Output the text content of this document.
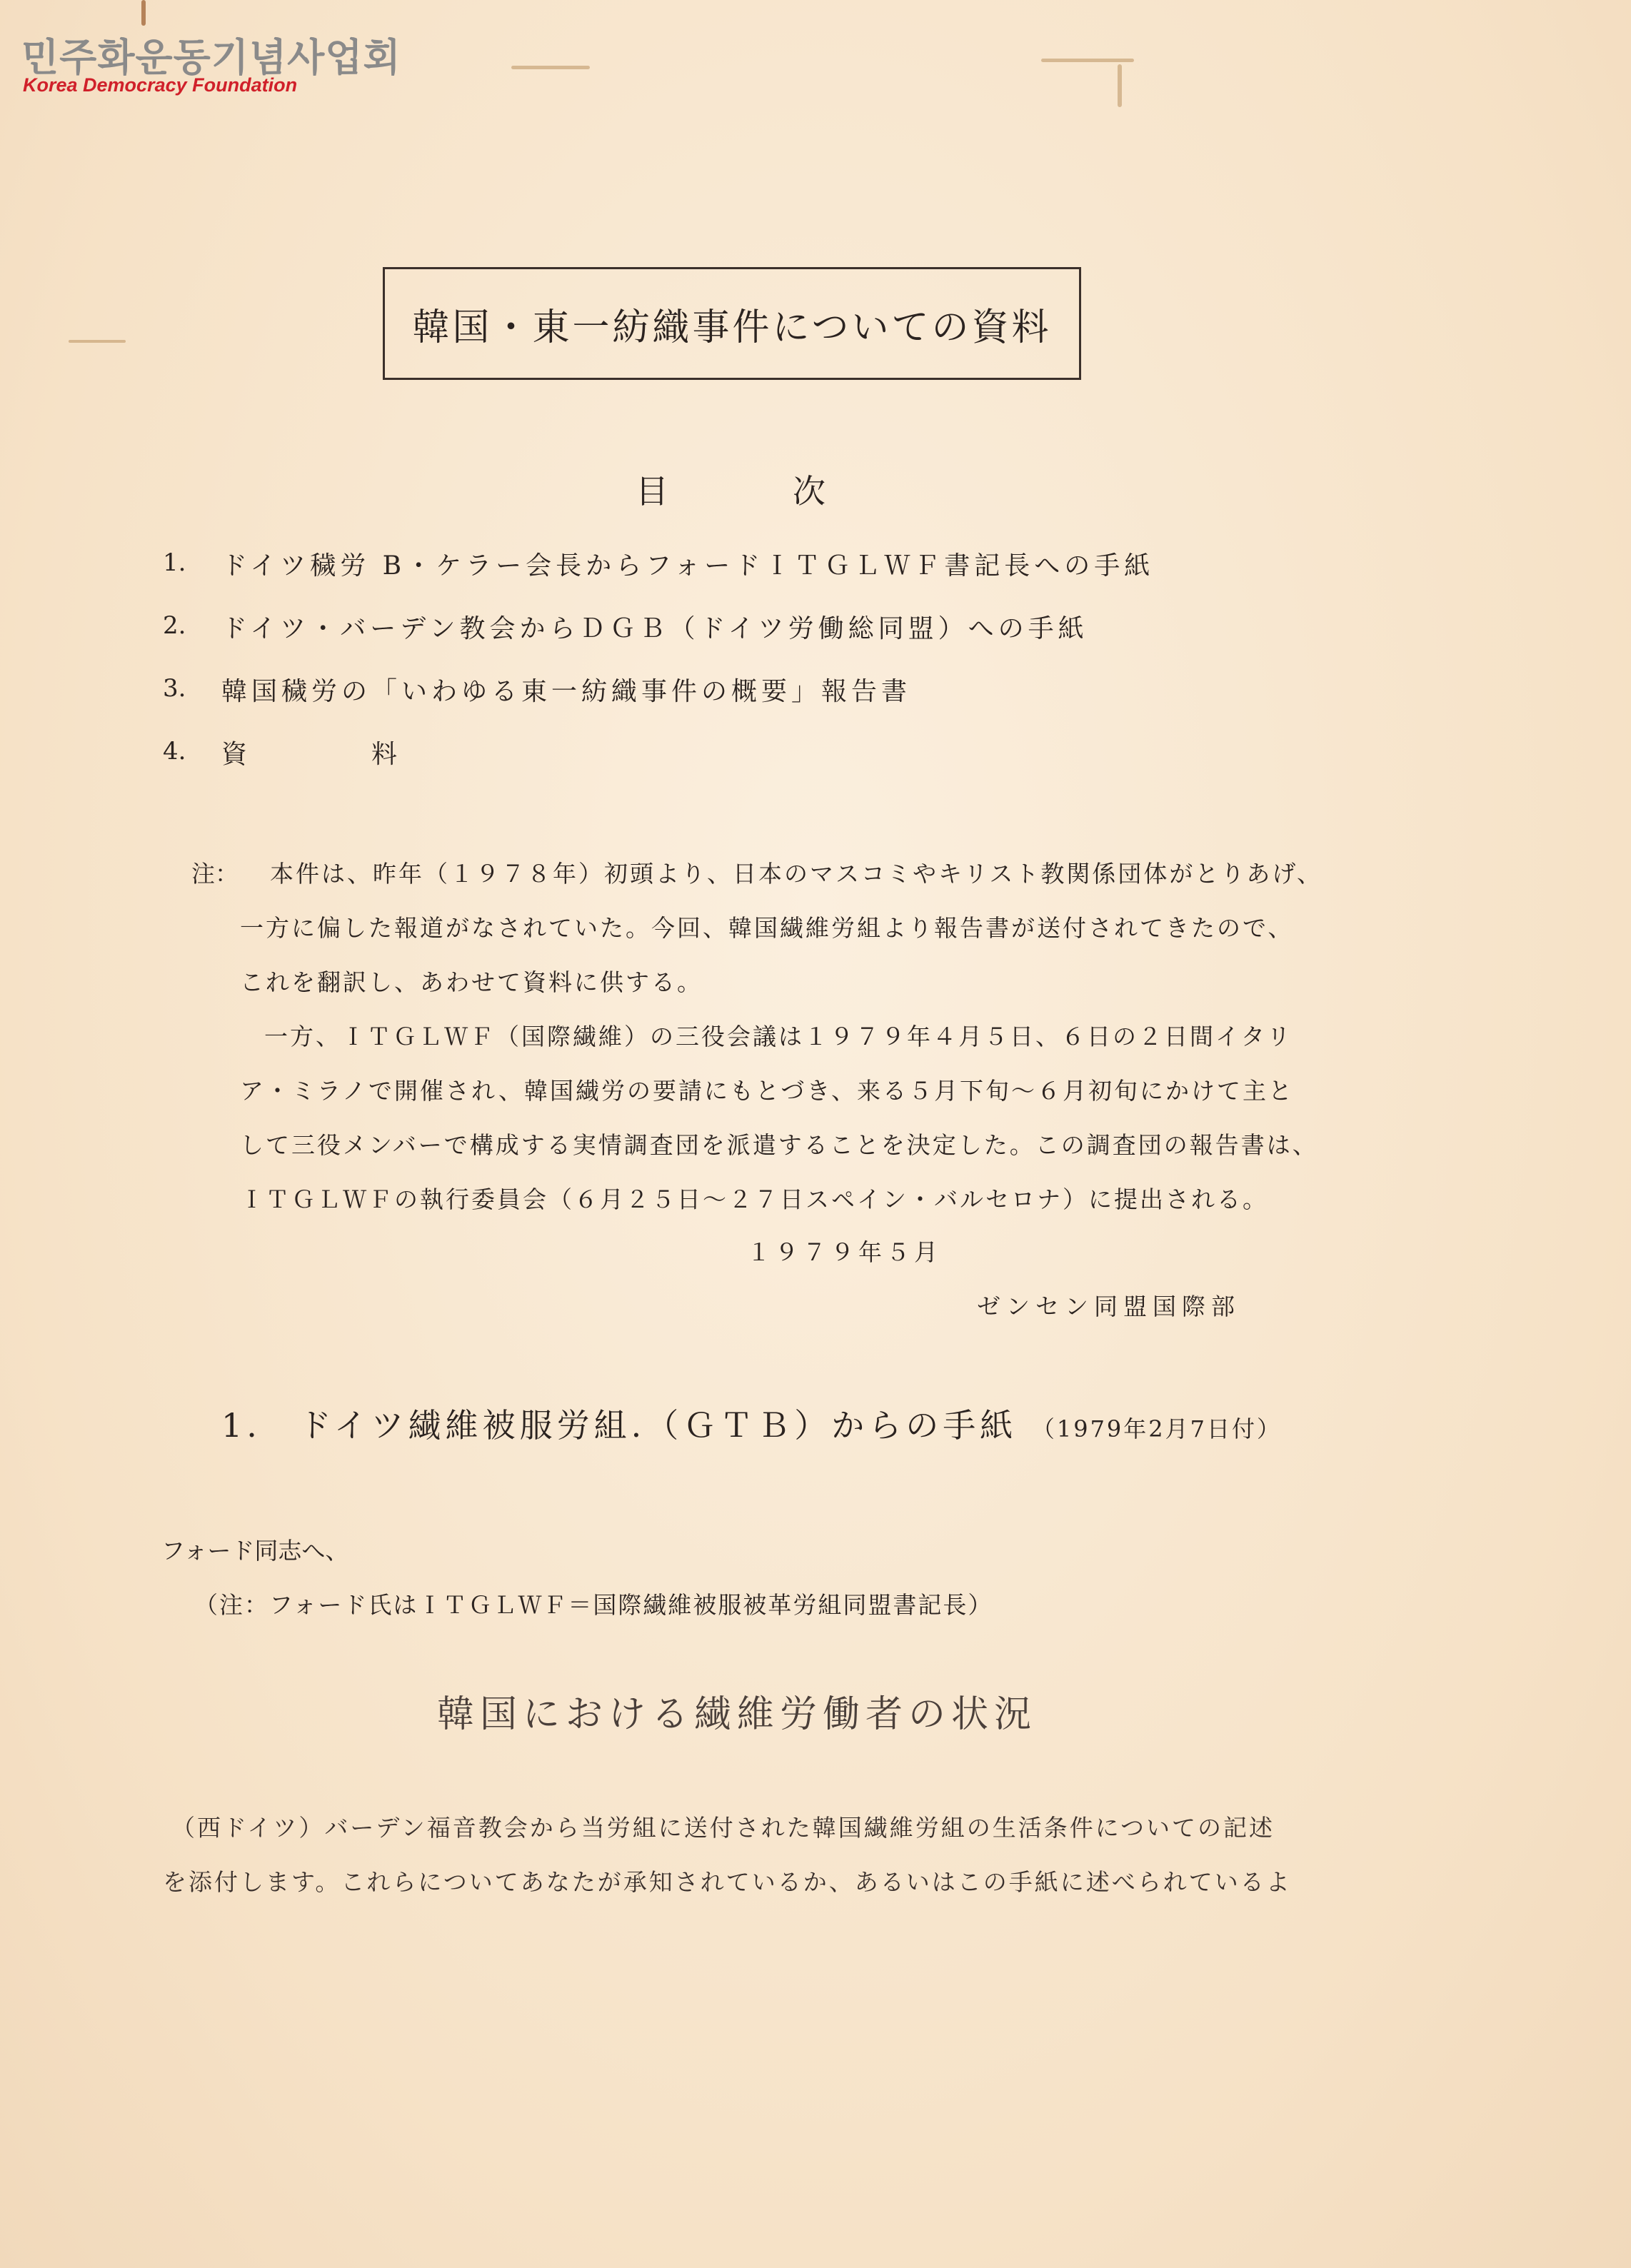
민주화운동기념사업회
Korea Democracy Foundation
韓国・東一紡織事件についての資料
目	次
1. ドイツ穢労 B・ケラー会長からフォードＩＴＧＬＷＦ書記長への手紙
2. ドイツ・バーデン教会からＤＧＢ（ドイツ労働総同盟）への手紙
3. 韓国穢労の「いわゆる東一紡織事件の概要」報告書
4. 資　　　　料
注： 本件は、昨年（１９７８年）初頭より、日本のマスコミやキリスト教関係団体がとりあげ、
一方に偏した報道がなされていた。今回、韓国繊維労組より報告書が送付されてきたので、
これを翻訳し、あわせて資料に供する。
一方、ＩＴＧＬＷＦ（国際繊維）の三役会議は１９７９年４月５日、６日の２日間イタリ
ア・ミラノで開催され、韓国繊労の要請にもとづき、来る５月下旬～６月初旬にかけて主と
して三役メンバーで構成する実情調査団を派遣することを決定した。この調査団の報告書は、
ＩＴＧＬＷＦの執行委員会（６月２５日～２７日スペイン・バルセロナ）に提出される。
１９７９年５月
ゼンセン同盟国際部
1.　ドイツ繊維被服労組.（ＧＴＢ）からの手紙 （1979年2月7日付）
フォード同志へ、
（注：フォード氏はＩＴＧＬＷＦ＝国際繊維被服被革労組同盟書記長）
韓国における繊維労働者の状況
（西ドイツ）バーデン福音教会から当労組に送付された韓国繊維労組の生活条件についての記述
を添付します。これらについてあなたが承知されているか、あるいはこの手紙に述べられているよ
